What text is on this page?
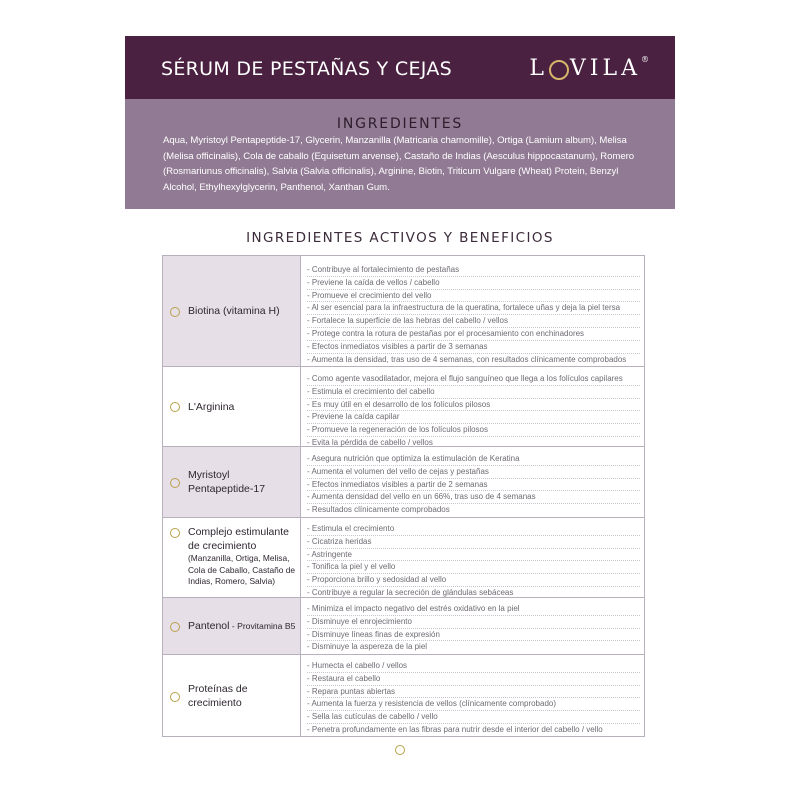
SÉRUM DE PESTAÑAS Y CEJAS	L VILA ®
INGREDIENTES
Aqua, Myristoyl Pentapeptide-17, Glycerin, Manzanilla (Matricaria chamomille), Ortiga (Lamium album), Melisa (Melisa officinalis), Cola de caballo (Equisetum arvense), Castaño de Indias (Aesculus hippocastanum), Romero (Rosmariunus officinalis), Salvia (Salvia officinalis), Arginine, Biotin, Triticum Vulgare (Wheat) Protein, Benzyl Alcohol, Ethylhexylglycerin, Panthenol, Xanthan Gum.
INGREDIENTES ACTIVOS Y BENEFICIOS
Biotina (vitamina H)
- Contribuye al fortalecimiento de pestañas
- Previene la caída de vellos / cabello
- Promueve el crecimiento del vello
- Al ser esencial para la infraestructura de la queratina, fortalece uñas y deja la piel tersa
- Fortalece la superficie de las hebras del cabello / vellos
- Protege contra la rotura de pestañas por el procesamiento con enchinadores
- Efectos inmediatos visibles a partir de 3 semanas
- Aumenta la densidad, tras uso de 4 semanas, con resultados clínicamente comprobados
L'Arginina
- Como agente vasodilatador, mejora el flujo sanguíneo que llega a los folículos capilares
- Estimula el crecimiento del cabello
- Es muy útil en el desarrollo de los folículos pilosos
- Previene la caída capilar
- Promueve la regeneración de los folículos pilosos
- Evita la pérdida de cabello / vellos
Myristoyl
Pentapeptide-17
- Asegura nutrición que optimiza la estimulación de Keratina
- Aumenta el volumen del vello de cejas y pestañas
- Efectos inmediatos visibles a partir de 2 semanas
- Aumenta densidad del vello en un 66%, tras uso de 4 semanas
- Resultados clínicamente comprobados
Complejo estimulante
de crecimiento
(Manzanilla, Ortiga, Melisa, Cola de Caballo, Castaño de Indias, Romero, Salvia)
- Estimula el crecimiento
- Cicatriza heridas
- Astringente
- Tonifica la piel y el vello
- Proporciona brillo y sedosidad al vello
- Contribuye a regular la secreción de glándulas sebáceas
Pantenol - Provitamina B5
- Minimiza el impacto negativo del estrés oxidativo en la piel
- Disminuye el enrojecimiento
- Disminuye líneas finas de expresión
- Disminuye la aspereza de la piel
Proteínas de crecimiento
- Humecta el cabello / vellos
- Restaura el cabello
- Repara puntas abiertas
- Aumenta la fuerza y resistencia de vellos (clínicamente comprobado)
- Sella las cutículas de cabello / vello
- Penetra profundamente en las fibras para nutrir desde el interior del cabello / vello
